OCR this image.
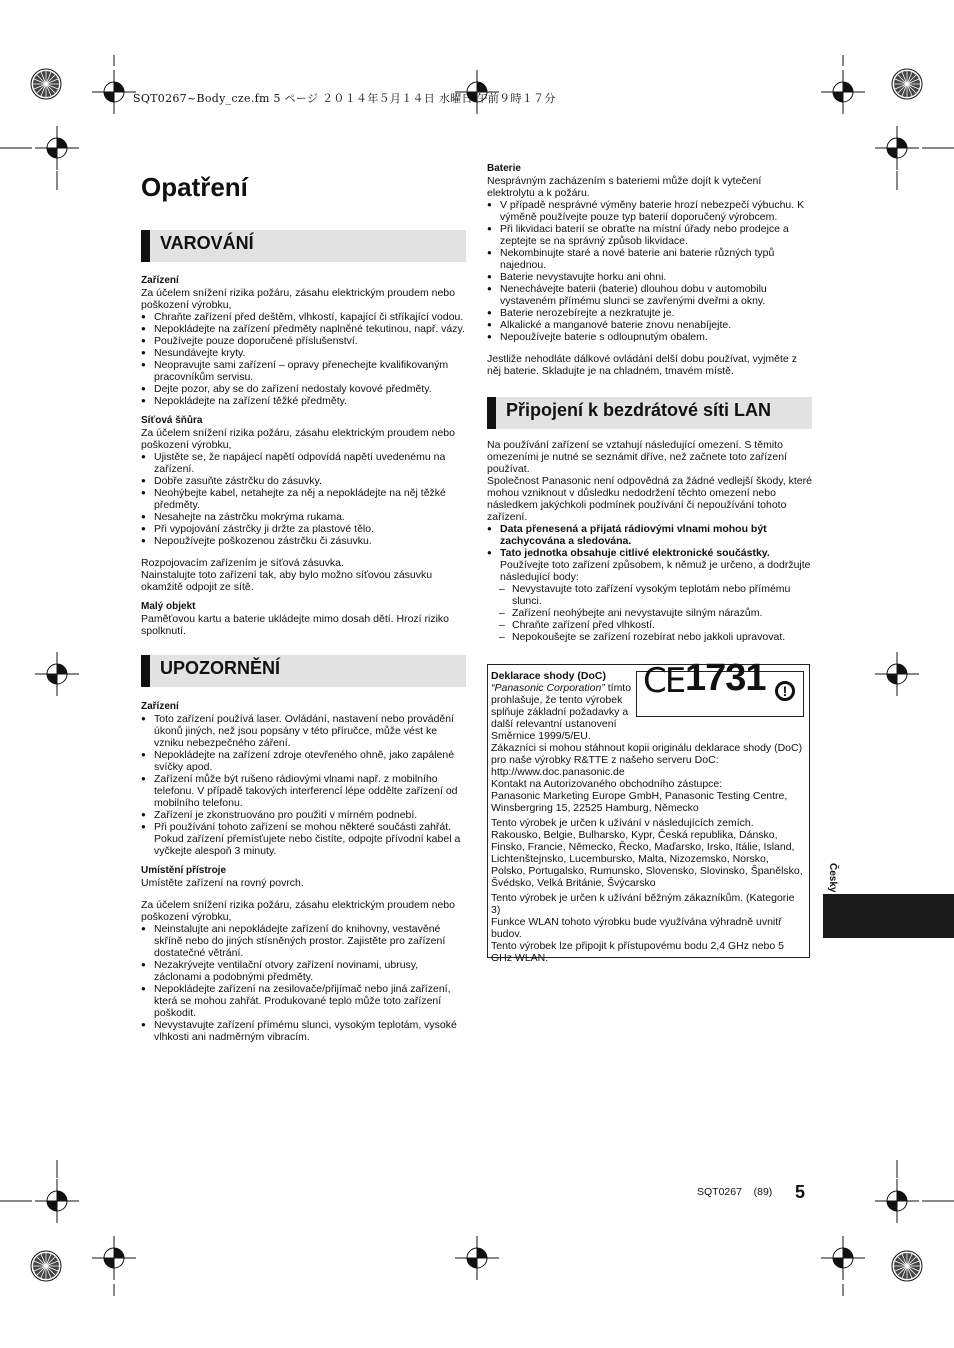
SQT0267~Body_cze.fm 5 ページ ２０１４年５月１４日 水曜日 午前９時１７分
Opatření
VAROVÁNÍ
Zařízení

Za účelem snížení rizika požáru, zásahu elektrickým proudem nebo poškození výrobku,

● Chraňte zařízení před deštěm, vlhkostí, kapající či stříkající vodou.
● Nepokládejte na zařízení předměty naplněné tekutinou, např. vázy.
● Používejte pouze doporučené příslušenství.
● Nesundávejte kryty.
● Neopravujte sami zařízení – opravy přenechejte kvalifikovaným pracovníkům servisu.
● Dejte pozor, aby se do zařízení nedostaly kovové předměty.
● Nepokládejte na zařízení těžké předměty.
Síťová šňůra

Za účelem snížení rizika požáru, zásahu elektrickým proudem nebo poškození výrobku,

● Ujistěte se, že napájecí napětí odpovídá napětí uvedenému na zařízení.
● Dobře zasuňte zástrčku do zásuvky.
● Neohýbejte kabel, netahejte za něj a nepokládejte na něj těžké předměty.
● Nesahejte na zástrčku mokrýma rukama.
● Při vypojování zástrčky ji držte za plastové tělo.
● Nepoužívejte poškozenou zástrčku či zásuvku.

Rozpojovacím zařízením je síťová zásuvka.

Nainstalujte toto zařízení tak, aby bylo možno síťovou zásuvku okamžitě odpojit ze sítě.

Malý objekt

Paměťovou kartu a baterie ukládejte mimo dosah dětí. Hrozí riziko spolknutí.

UPOZORNĚNÍ
Zařízení
● Toto zařízení používá laser. Ovládání, nastavení nebo provádění úkonů jiných, než jsou popsány v této příručce, může vést ke vzniku nebezpečného záření.
● Nepokládejte na zařízení zdroje otevřeného ohně, jako zapálené svíčky apod.
● Zařízení může být rušeno rádiovými vlnami např. z mobilního telefonu. V případě takových interferencí lépe oddělte zařízení od mobilního telefonu.
● Zařízení je zkonstruováno pro použití v mírném podnebí.
● Při používání tohoto zařízení se mohou některé součásti zahřát. Pokud zařízení přemísťujete nebo čistíte, odpojte přívodní kabel a vyčkejte alespoň 3 minuty.
Umístění přístroje

Umístěte zařízení na rovný povrch.

Za účelem snížení rizika požáru, zásahu elektrickým proudem nebo poškození výrobku,

● Neinstalujte ani nepokládejte zařízení do knihovny, vestavěné skříně nebo do jiných stísněných prostor. Zajistěte pro zařízení dostatečné větrání.
● Nezakrývejte ventilační otvory zařízení novinami, ubrusy, záclonami a podobnými předměty.
● Nepokládejte zařízení na zesilovače/přijímač nebo jiná zařízení, která se mohou zahřát. Produkované teplo může toto zařízení poškodit.
● Nevystavujte zařízení přímému slunci, vysokým teplotám, vysoké vlhkosti ani nadměrným vibracím.
Baterie

Nesprávným zacházením s bateriemi může dojít k vytečení elektrolytu a k požáru.

● V případě nesprávné výměny baterie hrozí nebezpečí výbuchu. K výměně používejte pouze typ baterií doporučený výrobcem.
● Při likvidaci baterií se obraťte na místní úřady nebo prodejce a zeptejte se na správný způsob likvidace.
● Nekombinujte staré a nové baterie ani baterie různých typů najednou.
● Baterie nevystavujte horku ani ohni.
● Nenechávejte baterii (baterie) dlouhou dobu v automobilu vystaveném přímému slunci se zavřenými dveřmi a okny.
● Baterie nerozebírejte a nezkratujte je.
● Alkalické a manganové baterie znovu nenabíjejte.
● Nepoužívejte baterie s odloupnutým obalem.

Jestliže nehodláte dálkové ovládání delší dobu používat, vyjměte z něj baterie. Skladujte je na chladném, tmavém místě.

Připojení k bezdrátové síti LAN

Na používání zařízení se vztahují následující omezení. S těmito omezeními je nutné se seznámit dříve, než začnete toto zařízení používat.

Společnost Panasonic není odpovědná za žádné vedlejší škody, které mohou vzniknout v důsledku nedodržení těchto omezení nebo následkem jakýchkoli podmínek používání či nepoužívání tohoto zařízení.

● Data přenesená a přijatá rádiovými vlnami mohou být zachycována a sledována.
● Tato jednotka obsahuje citlivé elektronické součástky.

Používejte toto zařízení způsobem, k němuž je určeno, a dodržujte následující body:

– Nevystavujte toto zařízení vysokým teplotám nebo přímému slunci.
– Zařízení neohýbejte ani nevystavujte silným nárazům.
– Chraňte zařízení před vlhkostí.
– Nepokoušejte se zařízení rozebírat nebo jakkoli upravovat.
CE 1731	!
Deklarace shody (DoC)

“Panasonic Corporation” tímto prohlašuje, že tento výrobek splňuje základní požadavky a další relevantní ustanovení Směrnice 1999/5/EU.

Zákazníci si mohou stáhnout kopii originálu deklarace shody (DoC) pro naše výrobky R&TTE z našeho serveru DoC:

http://www.doc.panasonic.de

Kontakt na Autorizovaného obchodního zástupce:

Panasonic Marketing Europe GmbH, Panasonic Testing Centre, Winsbergring 15, 22525 Hamburg, Německo

Tento výrobek je určen k užívání v následujících zemích. Rakousko, Belgie, Bulharsko, Kypr, Česká republika, Dánsko, Finsko, Francie, Německo, Řecko, Maďarsko, Irsko, Itálie, Island, Lichtenštejnsko, Lucembursko, Malta, Nizozemsko, Norsko, Polsko, Portugalsko, Rumunsko, Slovensko, Slovinsko, Španělsko, Švédsko, Velká Británie, Švýcarsko

Tento výrobek je určen k užívání běžným zákazníkům. (Kategorie 3)

Funkce WLAN tohoto výrobku bude využívána výhradně uvnitř budov.

Tento výrobek lze připojit k přístupovému bodu 2,4 GHz nebo 5 GHz WLAN.

Česky
SQT0267 (89) 5
